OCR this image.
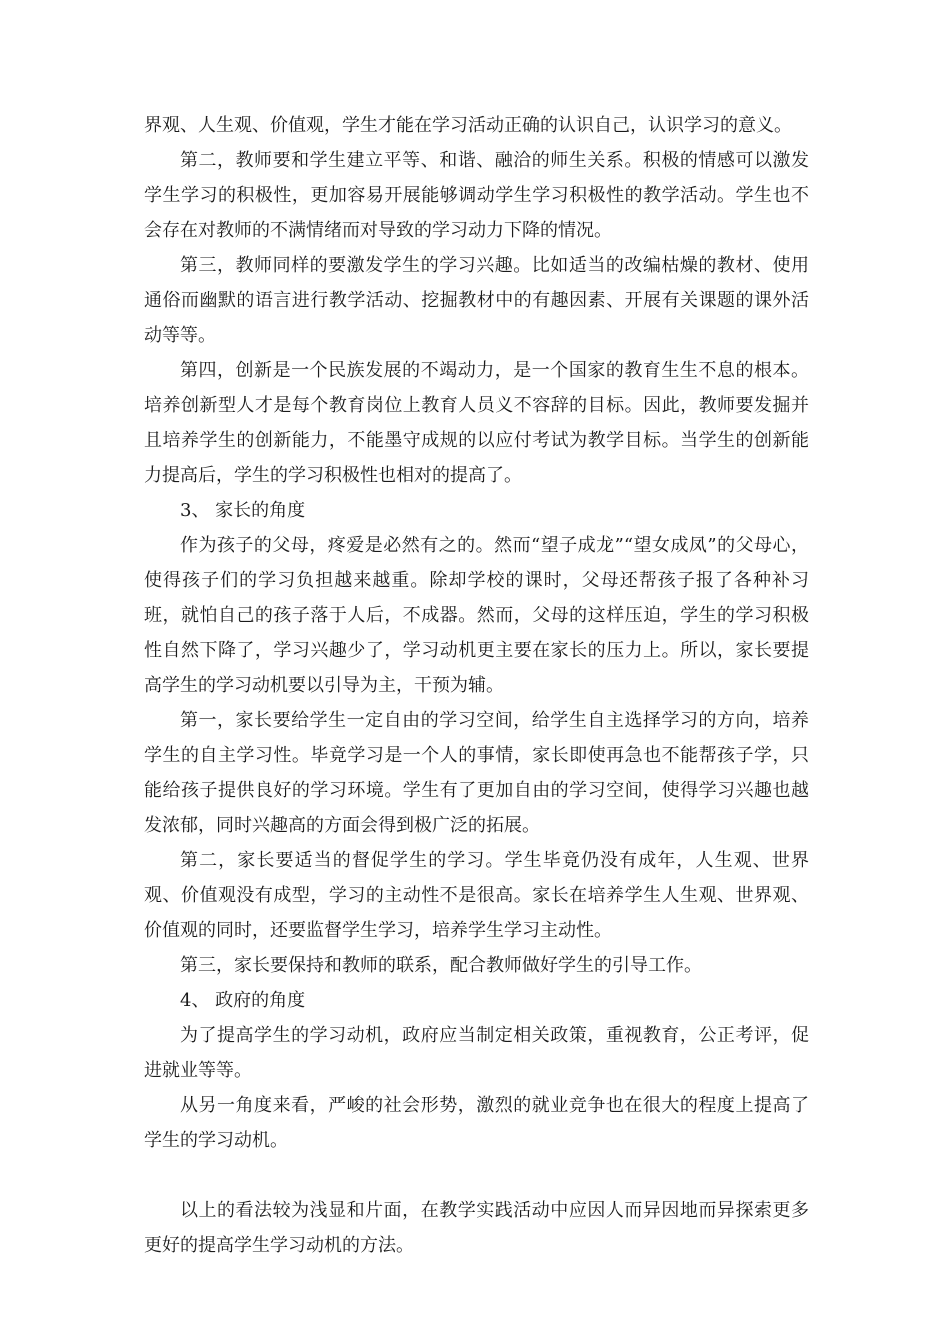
界观、人生观、价值观，学生才能在学习活动正确的认识自己，认识学习的意义。

第二，教师要和学生建立平等、和谐、融洽的师生关系。积极的情感可以激发学生学习的积极性，更加容易开展能够调动学生学习积极性的教学活动。学生也不会存在对教师的不满情绪而对导致的学习动力下降的情况。

第三，教师同样的要激发学生的学习兴趣。比如适当的改编枯燥的教材、使用通俗而幽默的语言进行教学活动、挖掘教材中的有趣因素、开展有关课题的课外活动等等。

第四，创新是一个民族发展的不竭动力，是一个国家的教育生生不息的根本。培养创新型人才是每个教育岗位上教育人员义不容辞的目标。因此，教师要发掘并且培养学生的创新能力，不能墨守成规的以应付考试为教学目标。当学生的创新能力提高后，学生的学习积极性也相对的提高了。

3、 家长的角度

作为孩子的父母，疼爱是必然有之的。然而“望子成龙”“望女成凤”的父母心，使得孩子们的学习负担越来越重。除却学校的课时，父母还帮孩子报了各种补习班，就怕自己的孩子落于人后，不成器。然而，父母的这样压迫，学生的学习积极性自然下降了，学习兴趣少了，学习动机更主要在家长的压力上。所以，家长要提高学生的学习动机要以引导为主，干预为辅。

第一，家长要给学生一定自由的学习空间，给学生自主选择学习的方向，培养学生的自主学习性。毕竟学习是一个人的事情，家长即使再急也不能帮孩子学，只能给孩子提供良好的学习环境。学生有了更加自由的学习空间，使得学习兴趣也越发浓郁，同时兴趣高的方面会得到极广泛的拓展。

第二，家长要适当的督促学生的学习。学生毕竟仍没有成年，人生观、世界观、价值观没有成型，学习的主动性不是很高。家长在培养学生人生观、世界观、价值观的同时，还要监督学生学习，培养学生学习主动性。

第三，家长要保持和教师的联系，配合教师做好学生的引导工作。

4、 政府的角度

为了提高学生的学习动机，政府应当制定相关政策，重视教育，公正考评，促进就业等等。

从另一角度来看，严峻的社会形势，激烈的就业竞争也在很大的程度上提高了学生的学习动机。

以上的看法较为浅显和片面，在教学实践活动中应因人而异因地而异探索更多更好的提高学生学习动机的方法。
